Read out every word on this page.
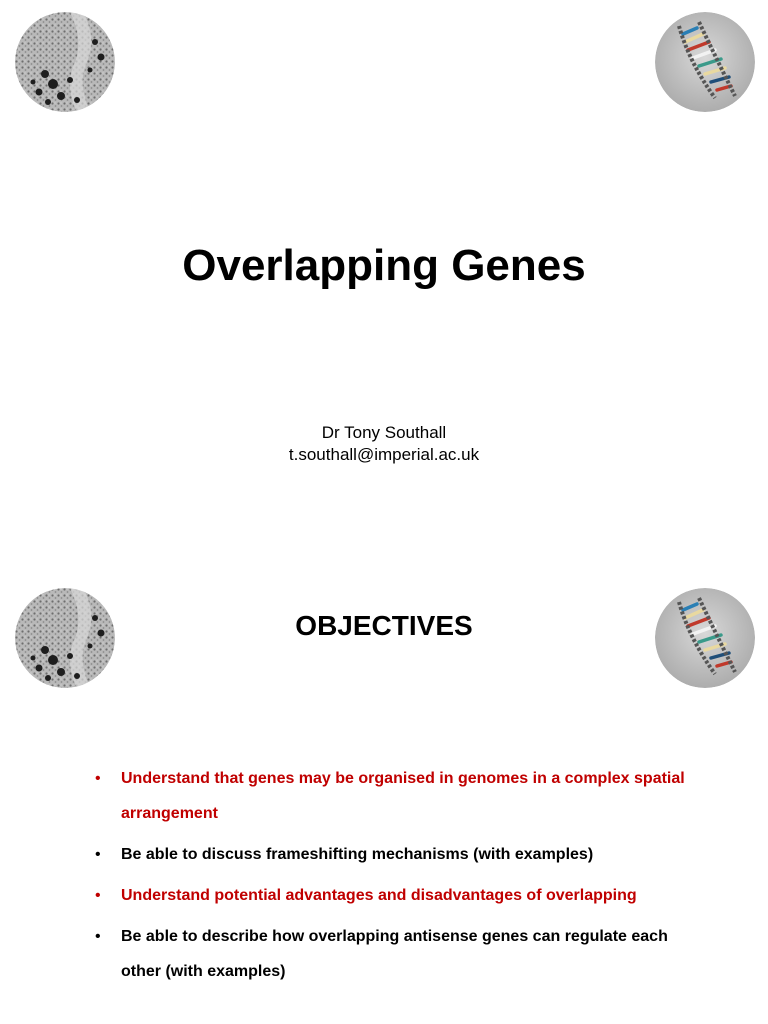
Overlapping Genes
Dr Tony Southall
t.southall@imperial.ac.uk
OBJECTIVES
• Understand that genes may be organised in genomes in a complex spatial arrangement
• Be able to discuss frameshifting mechanisms (with examples)
• Understand potential advantages and disadvantages of overlapping
• Be able to describe how overlapping antisense genes can regulate each other (with examples)
